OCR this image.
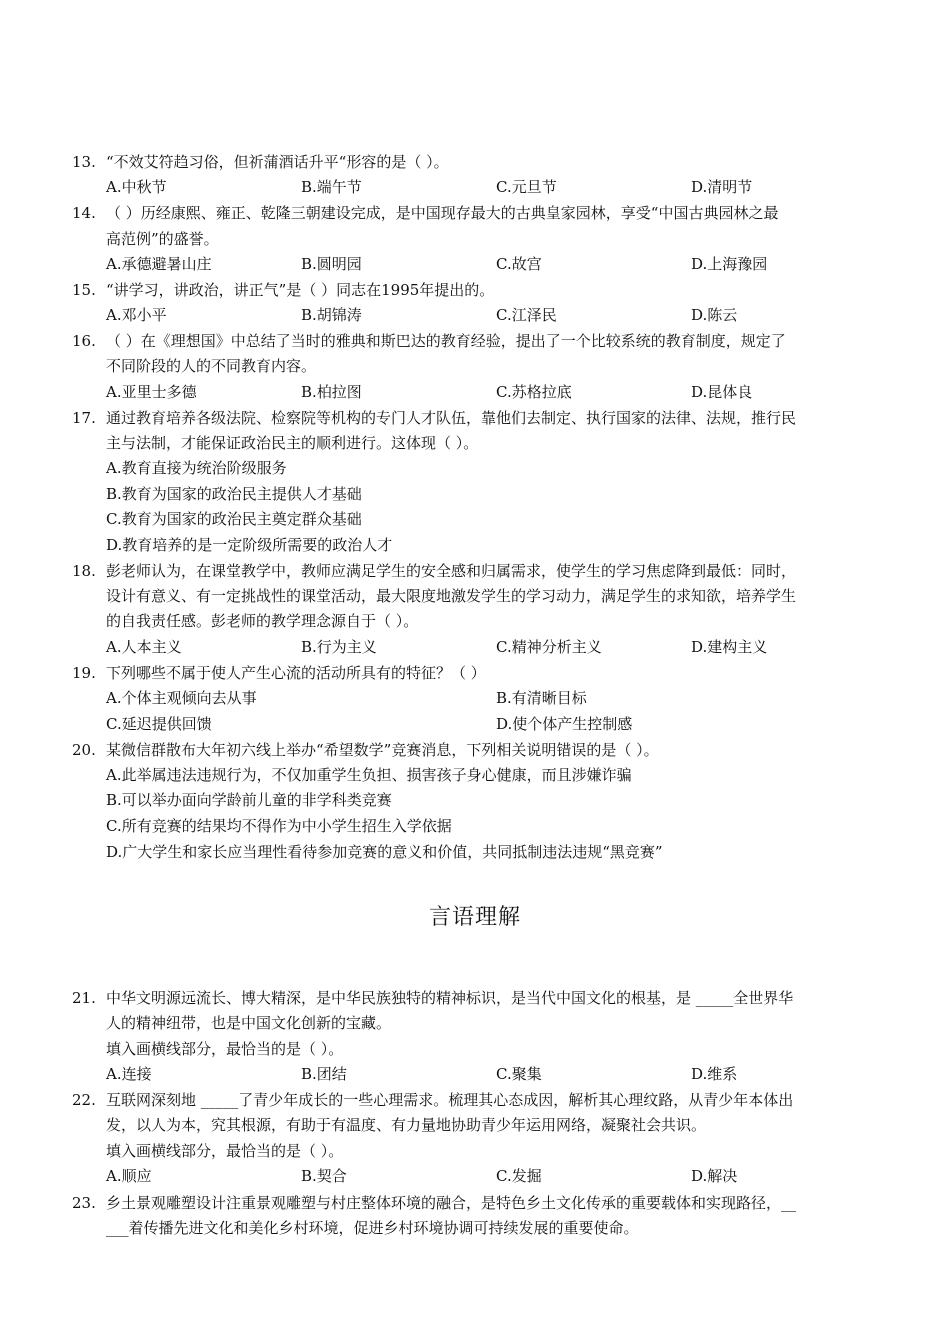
13. “不效艾符趋习俗，但祈蒲酒话升平“形容的是（ ）。
A.中秋节	B.端午节	C.元旦节	D.清明节
14. （ ）历经康熙、雍正、乾隆三朝建设完成，是中国现存最大的古典皇家园林，享受“中国古典园林之最
高范例”的盛誉。
A.承德避暑山庄	B.圆明园	C.故宫	D.上海豫园
15. “讲学习，讲政治，讲正气”是（ ）同志在1995年提出的。
A.邓小平	B.胡锦涛	C.江泽民	D.陈云
16. （ ）在《理想国》中总结了当时的雅典和斯巴达的教育经验，提出了一个比较系统的教育制度，规定了
不同阶段的人的不同教育内容。
A.亚里士多德	B.柏拉图	C.苏格拉底	D.昆体良
17. 通过教育培养各级法院、检察院等机构的专门人才队伍，靠他们去制定、执行国家的法律、法规，推行民
主与法制，才能保证政治民主的顺利进行。这体现（ ）。
A.教育直接为统治阶级服务
B.教育为国家的政治民主提供人才基础
C.教育为国家的政治民主奠定群众基础
D.教育培养的是一定阶级所需要的政治人才
18. 彭老师认为，在课堂教学中，教师应满足学生的安全感和归属需求，使学生的学习焦虑降到最低：同时，
设计有意义、有一定挑战性的课堂活动，最大限度地激发学生的学习动力，满足学生的求知欲，培养学生
的自我责任感。彭老师的教学理念源自于（ ）。
A.人本主义	B.行为主义	C.精神分析主义	D.建构主义
19. 下列哪些不属于使人产生心流的活动所具有的特征？（ ）
A.个体主观倾向去从事	B.有清晰目标
C.延迟提供回馈	D.使个体产生控制感
20. 某微信群散布大年初六线上举办“希望数学”竞赛消息，下列相关说明错误的是（ ）。
A.此举属违法违规行为，不仅加重学生负担、损害孩子身心健康，而且涉嫌诈骗
B.可以举办面向学龄前儿童的非学科类竞赛
C.所有竞赛的结果均不得作为中小学生招生入学依据
D.广大学生和家长应当理性看待参加竞赛的意义和价值，共同抵制违法违规“黑竞赛”
言语理解
21. 中华文明源远流长、博大精深，是中华民族独特的精神标识，是当代中国文化的根基，是 _____全世界华
人的精神纽带，也是中国文化创新的宝藏。
填入画横线部分，最恰当的是（ ）。
A.连接	B.团结	C.聚集	D.维系
22. 互联网深刻地 _____了青少年成长的一些心理需求。梳理其心态成因，解析其心理纹路，从青少年本体出
发，以人为本，究其根源，有助于有温度、有力量地协助青少年运用网络，凝聚社会共识。
填入画横线部分，最恰当的是（ ）。
A.顺应	B.契合	C.发掘	D.解决
23. 乡土景观雕塑设计注重景观雕塑与村庄整体环境的融合，是特色乡土文化传承的重要载体和实现路径，__
___着传播先进文化和美化乡村环境，促进乡村环境协调可持续发展的重要使命。
